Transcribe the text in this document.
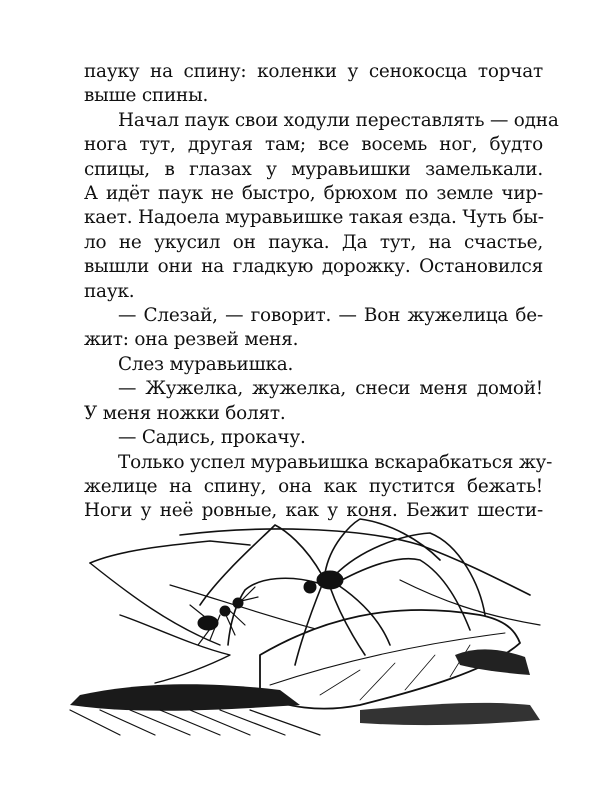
пауку на спину: коленки у сенокосца торчат
выше спины.
Начал паук свои ходули переставлять — одна
нога тут, другая там; все восемь ног, будто
спицы, в глазах у муравьишки замелькали.
А идёт паук не быстро, брюхом по земле чир-
кает. Надоела муравьишке такая езда. Чуть бы-
ло не укусил он паука. Да тут, на счастье,
вышли они на гладкую дорожку. Остановился
паук.
— Слезай, — говорит. — Вон жужелица бе-
жит: она резвей меня.
Слез муравьишка.
— Жужелка, жужелка, снеси меня домой!
У меня ножки болят.
— Садись, прокачу.
Только успел муравьишка вскарабкаться жу-
желице на спину, она как пустится бежать!
Ноги у неё ровные, как у коня. Бежит шести-
